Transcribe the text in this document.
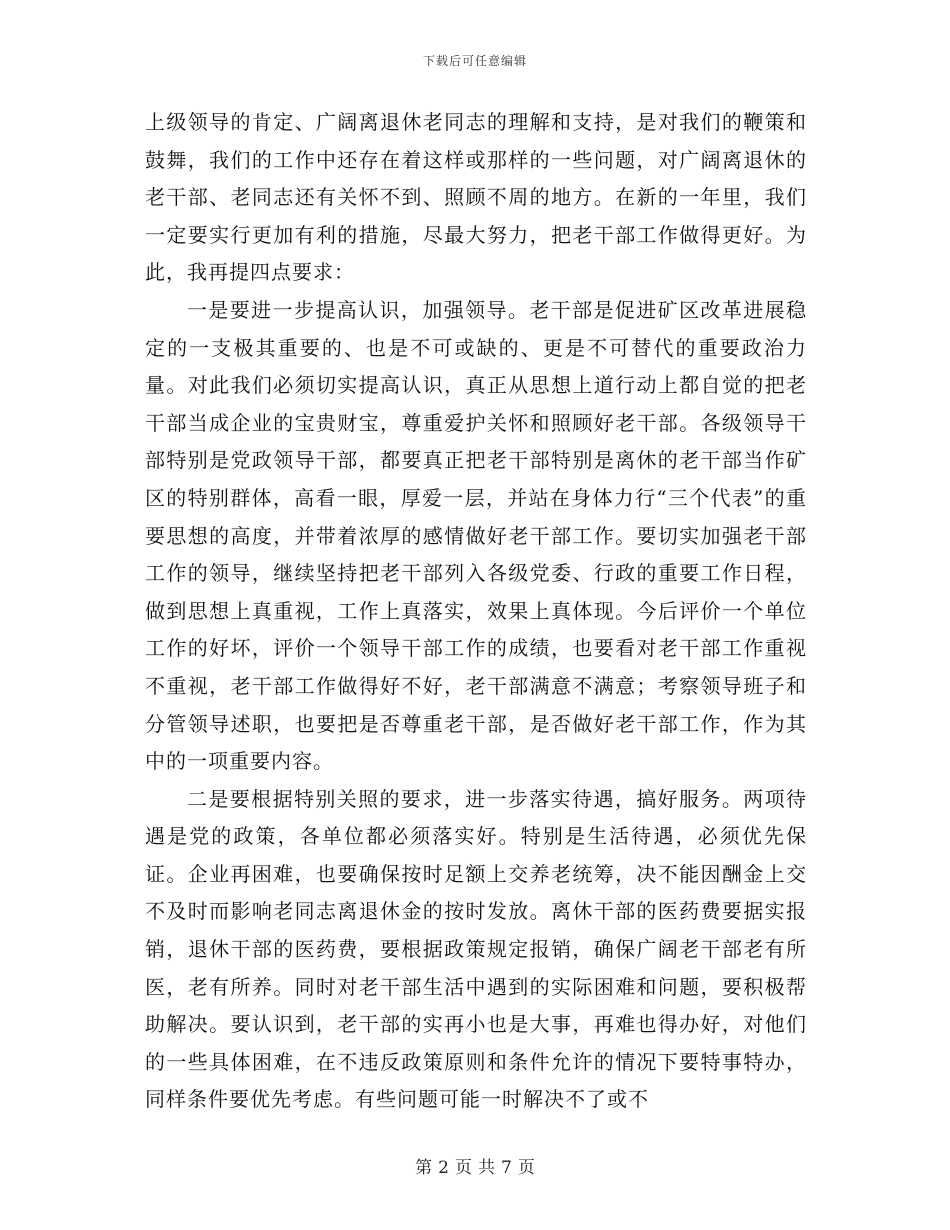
下载后可任意编辑

上级领导的肯定、广阔离退休老同志的理解和支持，是对我们的鞭策和鼓舞，我们的工作中还存在着这样或那样的一些问题，对广阔离退休的老干部、老同志还有关怀不到、照顾不周的地方。在新的一年里，我们一定要实行更加有利的措施，尽最大努力，把老干部工作做得更好。为此，我再提四点要求：

一是要进一步提高认识，加强领导。老干部是促进矿区改革进展稳定的一支极其重要的、也是不可或缺的、更是不可替代的重要政治力量。对此我们必须切实提高认识，真正从思想上道行动上都自觉的把老干部当成企业的宝贵财宝，尊重爱护关怀和照顾好老干部。各级领导干部特别是党政领导干部，都要真正把老干部特别是离休的老干部当作矿区的特别群体，高看一眼，厚爱一层，并站在身体力行“三个代表”的重要思想的高度，并带着浓厚的感情做好老干部工作。要切实加强老干部工作的领导，继续坚持把老干部列入各级党委、行政的重要工作日程，做到思想上真重视，工作上真落实，效果上真体现。今后评价一个单位工作的好坏，评价一个领导干部工作的成绩，也要看对老干部工作重视不重视，老干部工作做得好不好，老干部满意不满意；考察领导班子和分管领导述职，也要把是否尊重老干部，是否做好老干部工作，作为其中的一项重要内容。

二是要根据特别关照的要求，进一步落实待遇，搞好服务。两项待遇是党的政策，各单位都必须落实好。特别是生活待遇，必须优先保证。企业再困难，也要确保按时足额上交养老统筹，决不能因酬金上交不及时而影响老同志离退休金的按时发放。离休干部的医药费要据实报销，退休干部的医药费，要根据政策规定报销，确保广阔老干部老有所医，老有所养。同时对老干部生活中遇到的实际困难和问题，要积极帮助解决。要认识到，老干部的实再小也是大事，再难也得办好，对他们的一些具体困难，在不违反政策原则和条件允许的情况下要特事特办，同样条件要优先考虑。有些问题可能一时解决不了或不

第 2 页 共 7 页
